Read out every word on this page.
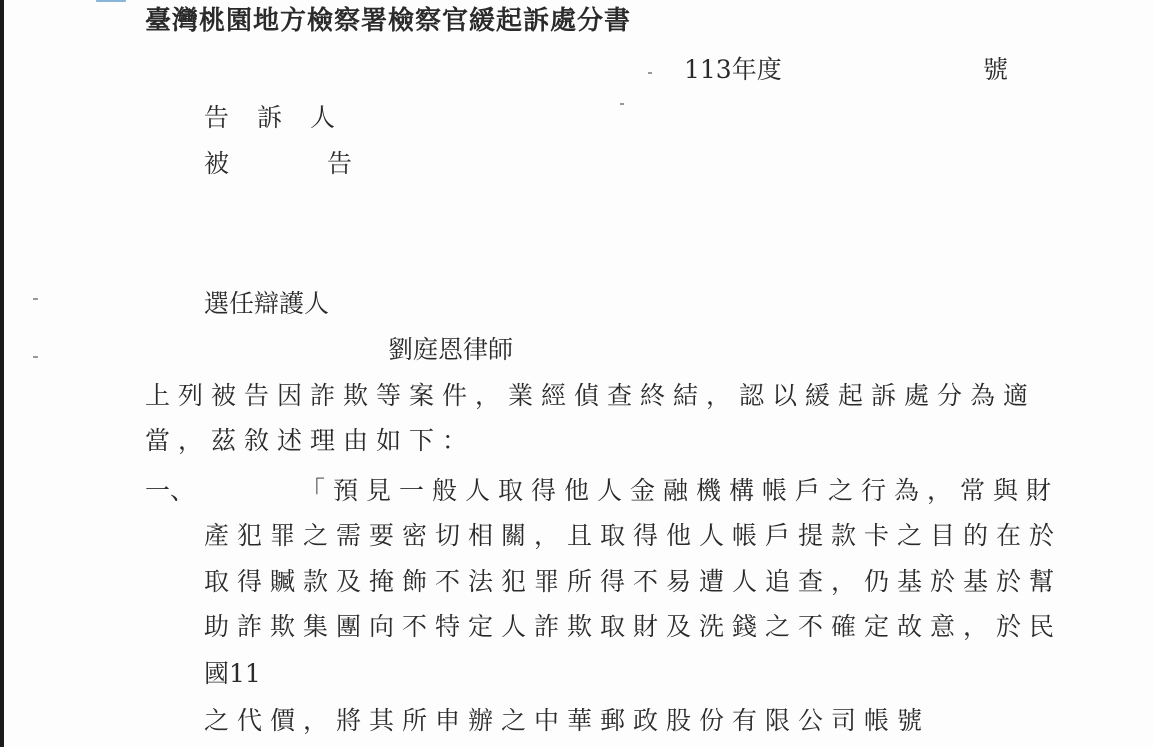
臺灣桃園地方檢察署檢察官緩起訴處分書
113年度	號
告訴人
被告
選任辯護人
劉庭恩律師
上列被告因詐欺等案件，業經偵查終結，認以緩起訴處分為適
當，茲敘述理由如下：
一、	「預見一般人取得他人金融機構帳戶之行為，常與財
產犯罪之需要密切相關，且取得他人帳戶提款卡之目的在於
取得贓款及掩飾不法犯罪所得不易遭人追查，仍基於基於幫
助詐欺集團向不特定人詐欺取財及洗錢之不確定故意，於民
國11
之代價，將其所申辦之中華郵政股份有限公司帳號
